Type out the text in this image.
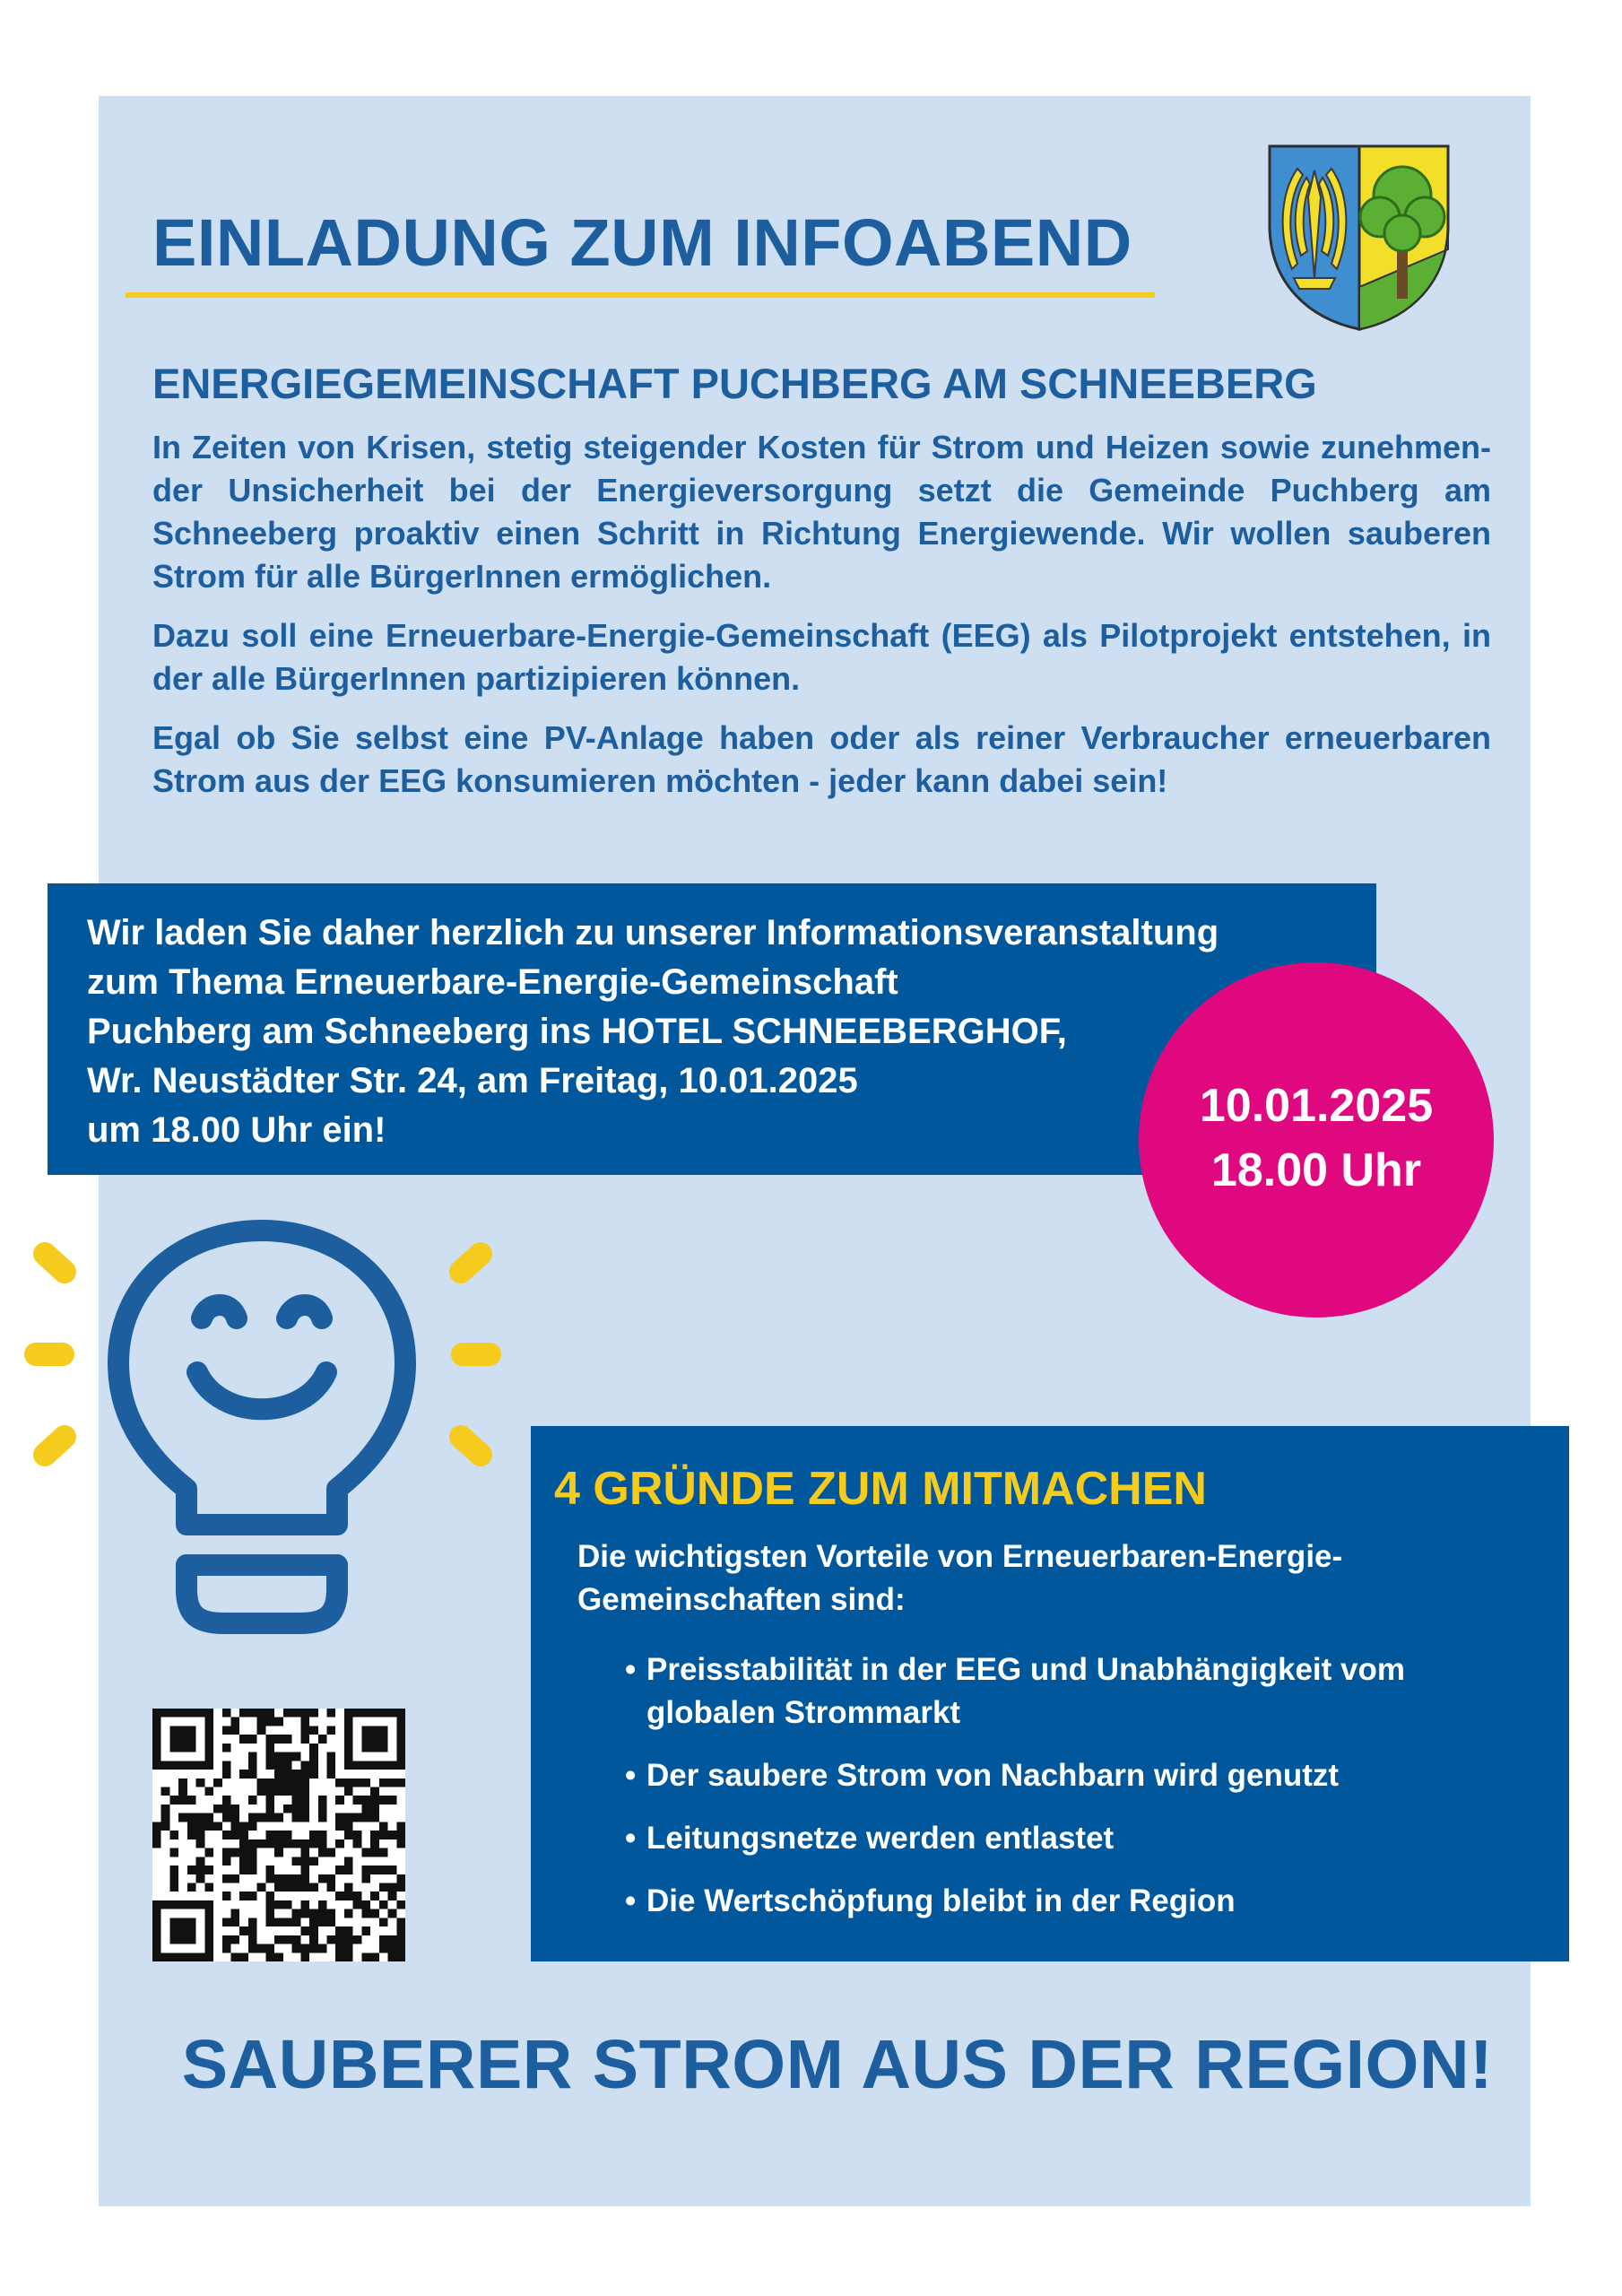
EINLADUNG ZUM INFOABEND
ENERGIEGEMEINSCHAFT PUCHBERG AM SCHNEEBERG

In Zeiten von Krisen, stetig steigender Kosten für Strom und Heizen sowie zunehmen-der Unsicherheit bei der Energieversorgung setzt die Gemeinde Puchberg am Schneeberg proaktiv einen Schritt in Richtung Energiewende. Wir wollen sauberen Strom für alle BürgerInnen ermöglichen.

Dazu soll eine Erneuerbare-Energie-Gemeinschaft (EEG) als Pilotprojekt entstehen, in der alle BürgerInnen partizipieren können.

Egal ob Sie selbst eine PV-Anlage haben oder als reiner Verbraucher erneuerbaren Strom aus der EEG konsumieren möchten - jeder kann dabei sein!

Wir laden Sie daher herzlich zu unserer Informationsveranstaltung
zum Thema Erneuerbare-Energie-Gemeinschaft
Puchberg am Schneeberg ins HOTEL SCHNEEBERGHOF,
Wr. Neustädter Str. 24, am Freitag, 10.01.2025
um 18.00 Uhr ein!	10.01.2025
18.00 Uhr
4 GRÜNDE ZUM MITMACHEN
Die wichtigsten Vorteile von Erneuerbaren-Energie-Gemeinschaften sind:
• Preisstabilität in der EEG und Unabhängigkeit vom globalen Strommarkt
• Der saubere Strom von Nachbarn wird genutzt
• Leitungsnetze werden entlastet
• Die Wertschöpfung bleibt in der Region
SAUBERER STROM AUS DER REGION!
